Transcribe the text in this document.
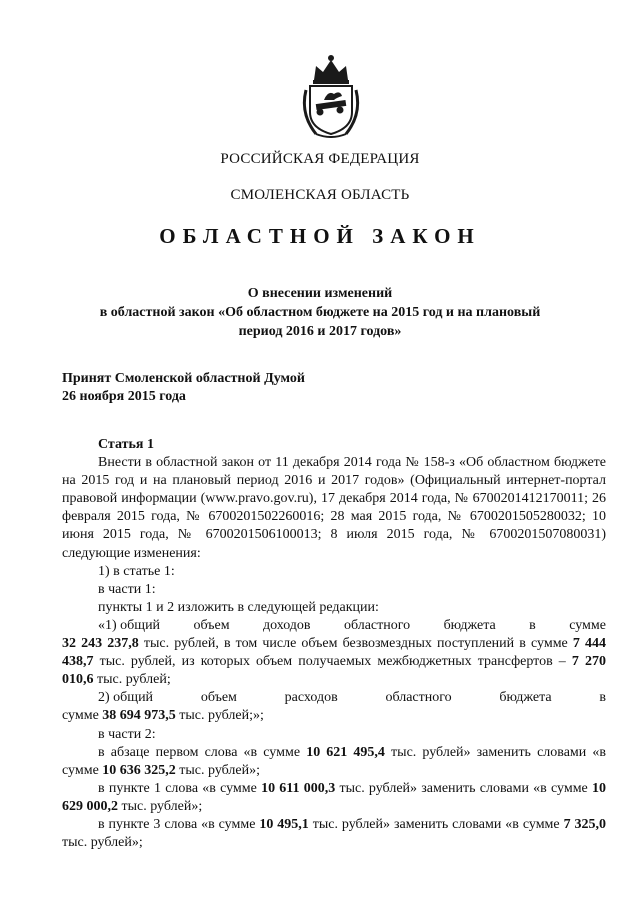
РОССИЙСКАЯ ФЕДЕРАЦИЯ
СМОЛЕНСКАЯ ОБЛАСТЬ
ОБЛАСТНОЙ ЗАКОН
О внесении изменений
в областной закон «Об областном бюджете на 2015 год и на плановый
период 2016 и 2017 годов»
Принят Смоленской областной Думой
26 ноября 2015 года
Статья 1

Внести в областной закон от 11 декабря 2014 года № 158-з «Об областном бюджете на 2015 год и на плановый период 2016 и 2017 годов» (Официальный интернет-портал правовой информации (www.pravo.gov.ru), 17 декабря 2014 года, № 6700201412170011; 26 февраля 2015 года, № 6700201502260016; 28 мая 2015 года, № 6700201505280032; 10 июня 2015 года, № 6700201506100013; 8 июля 2015 года, № 6700201507080031) следующие изменения:

1) в статье 1:
в части 1:
пункты 1 и 2 изложить в следующей редакции:
«1) общий объем доходов областного бюджета в сумме

32 243 237,8 тыс. рублей, в том числе объем безвозмездных поступлений в сумме 7 444 438,7 тыс. рублей, из которых объем получаемых межбюджетных трансфертов – 7 270 010,6 тыс. рублей;

2) общий	объем	расходов	областного	бюджета	в
сумме 38 694 973,5 тыс. рублей;»;
в части 2:

в абзаце первом слова «в сумме 10 621 495,4 тыс. рублей» заменить словами «в сумме 10 636 325,2 тыс. рублей»;

в пункте 1 слова «в сумме 10 611 000,3 тыс. рублей» заменить словами «в сумме 10 629 000,2 тыс. рублей»;

в пункте 3 слова «в сумме 10 495,1 тыс. рублей» заменить словами «в сумме 7 325,0 тыс. рублей»;
